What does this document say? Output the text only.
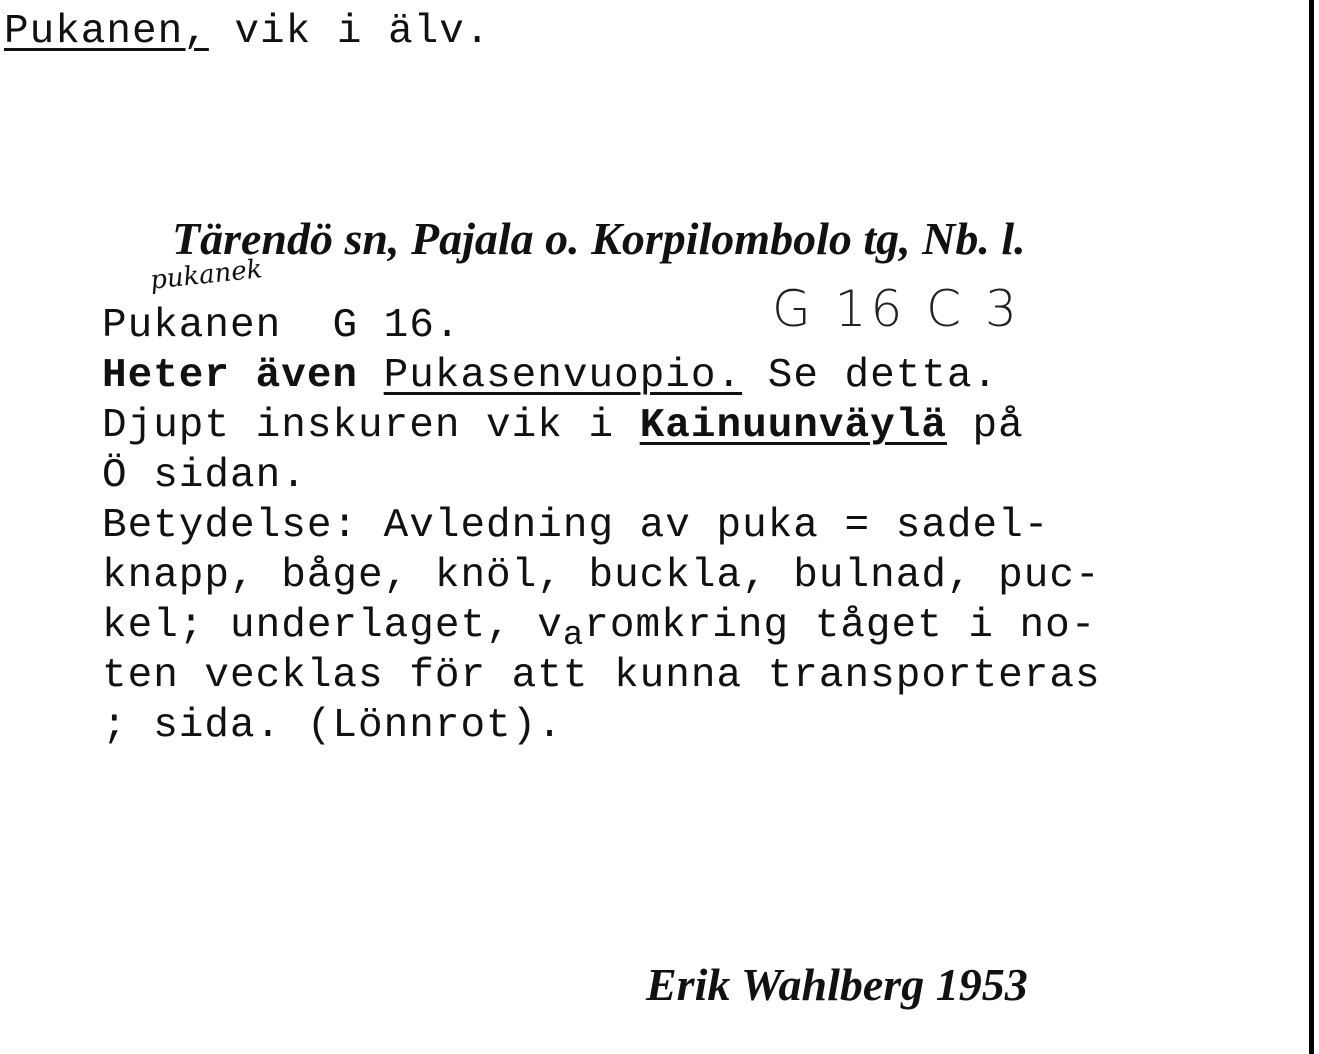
Pukanen, vik i älv.
Tärendö sn, Pajala o. Korpilombolo tg, Nb. l.
pukanek
G 16 C 3
Pukanen  G 16.
Heter även Pukasenvuopio. Se detta.
Djupt inskuren vik i Kainuunväylä på
Ö sidan.
Betydelse: Avledning av puka = sadel-
knapp, båge, knöl, buckla, bulnad, puc-
kel; underlaget, varomkring tåget i no-
ten vecklas för att kunna transporteras
; sida. (Lönnrot).
Erik Wahlberg 1953
